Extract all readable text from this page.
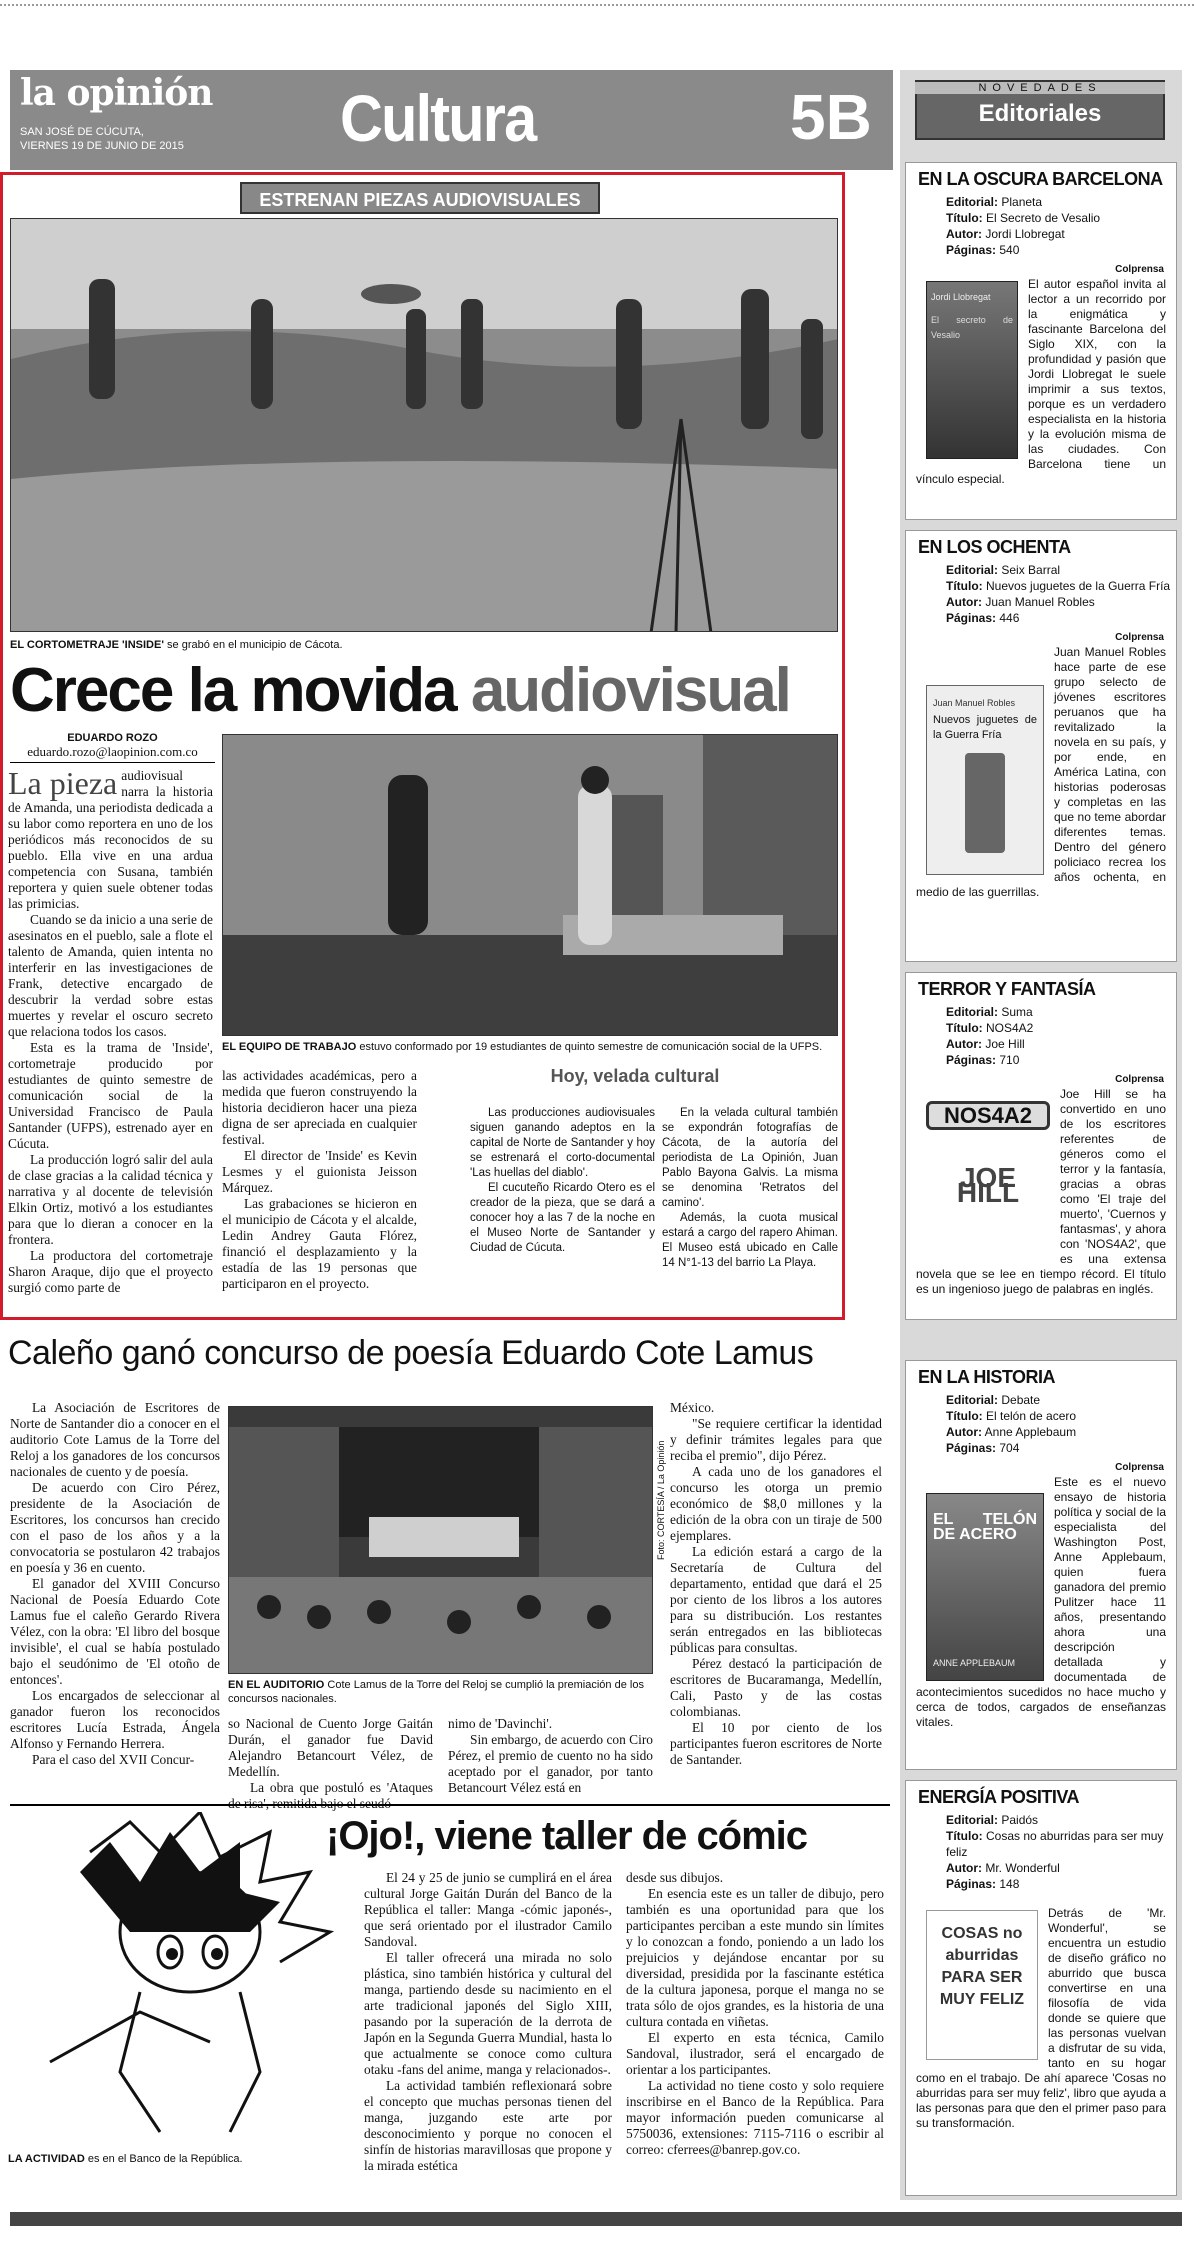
la opinión
SAN JOSÉ DE CÚCUTA,
VIERNES 19 DE JUNIO DE 2015 Cultura	5B	NOVEDADES
Editoriales
EN LA OSCURA BARCELONA
Editorial: Planeta
Título: El Secreto de Vesalio
Autor: Jordi Llobregat
Páginas: 540
Colprensa
Jordi Llobregat
El secreto de Vesalio
El autor español invita al lector a un recorrido por la enigmática y fascinante Barcelona del Siglo XIX, con la profundidad y pasión que Jordi Llobregat le suele imprimir a sus textos, porque es un verdadero especialista en la historia y la evolución misma de las ciudades. Con Barcelona tiene un vínculo especial.
EN LOS OCHENTA
Editorial: Seix Barral
Título: Nuevos juguetes de la Guerra Fría
Autor: Juan Manuel Robles
Páginas: 446
Colprensa
Juan Manuel Robles
Nuevos juguetes de la Guerra Fría
Juan Manuel Robles hace parte de ese grupo selecto de jóvenes escritores peruanos que ha revitalizado la novela en su país, y por ende, en América Latina, con historias poderosas y completas en las que no teme abordar diferentes temas. Dentro del género policiaco recrea los años ochenta, en medio de las guerrillas.
TERROR Y FANTASÍA
Editorial: Suma
Título: NOS4A2
Autor: Joe Hill
Páginas: 710
Colprensa
NOS4A2
JOE HILL
Joe Hill se ha convertido en uno de los escritores referentes de géneros como el terror y la fantasía, gracias a obras como 'El traje del muerto', 'Cuernos y fantasmas', y ahora con 'NOS4A2', que es una extensa novela que se lee en tiempo récord. El título es un ingenioso juego de palabras en inglés.
EN LA HISTORIA
Editorial: Debate
Título: El telón de acero
Autor: Anne Applebaum
Páginas: 704
Colprensa
EL TELÓN DE ACERO
ANNE APPLEBAUM
Este es el nuevo ensayo de historia política y social de la especialista del Washington Post, Anne Applebaum, quien fuera ganadora del premio Pulitzer hace 11 años, presentando ahora una descripción detallada y documentada de acontecimientos sucedidos no hace mucho y cerca de todos, cargados de enseñanzas vitales.
ENERGÍA POSITIVA
Editorial: Paidós
Título: Cosas no aburridas para ser muy feliz
Autor: Mr. Wonderful
Páginas: 148
COSAS no aburridas PARA SER MUY FELIZ
Detrás de 'Mr. Wonderful', se encuentra un estudio de diseño gráfico no aburrido que busca convertirse en una filosofía de vida donde se quiere que las personas vuelvan a disfrutar de su vida, tanto en su hogar como en el trabajo. De ahí aparece 'Cosas no aburridas para ser muy feliz', libro que ayuda a las personas para que den el primer paso para su transformación.
ESTRENAN PIEZAS AUDIOVISUALES
EL CORTOMETRAJE 'INSIDE' se grabó en el municipio de Cácota.
Crece la movida audiovisual
EDUARDO ROZO
eduardo.rozo@laopinion.com.co

La pieza audiovisual narra la historia de Amanda, una periodista dedicada a su labor como reportera en uno de los periódicos más reconocidos de su pueblo. Ella vive en una ardua competencia con Susana, también reportera y quien suele obtener todas las primicias.

Cuando se da inicio a una serie de asesinatos en el pueblo, sale a flote el talento de Amanda, quien intenta no interferir en las investigaciones de Frank, detective encargado de descubrir la verdad sobre estas muertes y revelar el oscuro secreto que relaciona todos los casos.

Esta es la trama de 'Inside', cortometraje producido por estudiantes de quinto semestre de comunicación social de la Universidad Francisco de Paula Santander (UFPS), estrenado ayer en Cúcuta.

La producción logró salir del aula de clase gracias a la calidad técnica y narrativa y al docente de televisión Elkin Ortiz, motivó a los estudiantes para que lo dieran a conocer en la frontera.

La productora del cortometraje Sharon Araque, dijo que el proyecto surgió como parte de

EL EQUIPO DE TRABAJO estuvo conformado por 19 estudiantes de quinto semestre de comunicación social de la UFPS.

las actividades académicas, pero a medida que fueron construyendo la historia decidieron hacer una pieza digna de ser apreciada en cualquier festival.

El director de 'Inside' es Kevin Lesmes y el guionista Jeisson Márquez.

Las grabaciones se hicieron en el municipio de Cácota y el alcalde, Ledin Andrey Gauta Flórez, financió el desplazamiento y la estadía de las 19 personas que participaron en el proyecto.

Hoy, velada cultural

Las producciones audiovisuales siguen ganando adeptos en la capital de Norte de Santander y hoy se estrenará el corto-documental 'Las huellas del diablo'.

El cucuteño Ricardo Otero es el creador de la pieza, que se dará a conocer hoy a las 7 de la noche en el Museo Norte de Santander y Ciudad de Cúcuta.

En la velada cultural también se expondrán fotografías de Cácota, de la autoría del periodista de La Opinión, Juan Pablo Bayona Galvis. La misma se denomina 'Retratos del camino'.

Además, la cuota musical estará a cargo del rapero Ahiman. El Museo está ubicado en Calle 14 N°1-13 del barrio La Playa.

Caleño ganó concurso de poesía Eduardo Cote Lamus

La Asociación de Escritores de Norte de Santander dio a conocer en el auditorio Cote Lamus de la Torre del Reloj a los ganadores de los concursos nacionales de cuento y de poesía.

De acuerdo con Ciro Pérez, presidente de la Asociación de Escritores, los concursos han crecido con el paso de los años y a la convocatoria se postularon 42 trabajos en poesía y 36 en cuento.

El ganador del XVIII Concurso Nacional de Poesía Eduardo Cote Lamus fue el caleño Gerardo Rivera Vélez, con la obra: 'El libro del bosque invisible', el cual se había postulado bajo el seudónimo de 'El otoño de entonces'.

Los encargados de seleccionar al ganador fueron los reconocidos escritores Lucía Estrada, Ángela Alfonso y Fernando Herrera.

Para el caso del XVII Concur-

Foto: CORTESÍA / La Opinión
EN EL AUDITORIO Cote Lamus de la Torre del Reloj se cumplió la premiación de los concursos nacionales.

so Nacional de Cuento Jorge Gaitán Durán, el ganador fue David Alejandro Betancourt Vélez, de Medellín.

La obra que postuló es 'Ataques de risa', remitida bajo el seudó-

nimo de 'Davinchi'.

Sin embargo, de acuerdo con Ciro Pérez, el premio de cuento no ha sido aceptado por el ganador, por tanto Betancourt Vélez está en

México.

"Se requiere certificar la identidad y definir trámites legales para que reciba el premio", dijo Pérez.

A cada uno de los ganadores el concurso les otorga un premio económico de $8,0 millones y la edición de la obra con un tiraje de 500 ejemplares.

La edición estará a cargo de la Secretaría de Cultura del departamento, entidad que dará el 25 por ciento de los libros a los autores para su distribución. Los restantes serán entregados en las bibliotecas públicas para consultas.

Pérez destacó la participación de escritores de Bucaramanga, Medellín, Cali, Pasto y de las costas colombianas.

El 10 por ciento de los participantes fueron escritores de Norte de Santander.

LA ACTIVIDAD es en el Banco de la República.
¡Ojo!, viene taller de cómic

El 24 y 25 de junio se cumplirá en el área cultural Jorge Gaitán Durán del Banco de la República el taller: Manga -cómic japonés-, que será orientado por el ilustrador Camilo Sandoval.

El taller ofrecerá una mirada no solo plástica, sino también histórica y cultural del manga, partiendo desde su nacimiento en el arte tradicional japonés del Siglo XIII, pasando por la superación de la derrota de Japón en la Segunda Guerra Mundial, hasta lo que actualmente se conoce como cultura otaku -fans del anime, manga y relacionados-.

La actividad también reflexionará sobre el concepto que muchas personas tienen del manga, juzgando este arte por desconocimiento y porque no conocen el sinfín de historias maravillosas que propone y la mirada estética

desde sus dibujos.

En esencia este es un taller de dibujo, pero también es una oportunidad para que los participantes perciban a este mundo sin límites y lo conozcan a fondo, poniendo a un lado los prejuicios y dejándose encantar por su diversidad, presidida por la fascinante estética de la cultura japonesa, porque el manga no se trata sólo de ojos grandes, es la historia de una cultura contada en viñetas.

El experto en esta técnica, Camilo Sandoval, ilustrador, será el encargado de orientar a los participantes.

La actividad no tiene costo y solo requiere inscribirse en el Banco de la República. Para mayor información pueden comunicarse al 5750036, extensiones: 7115-7116 o escribir al correo: cferrees@banrep.gov.co.
